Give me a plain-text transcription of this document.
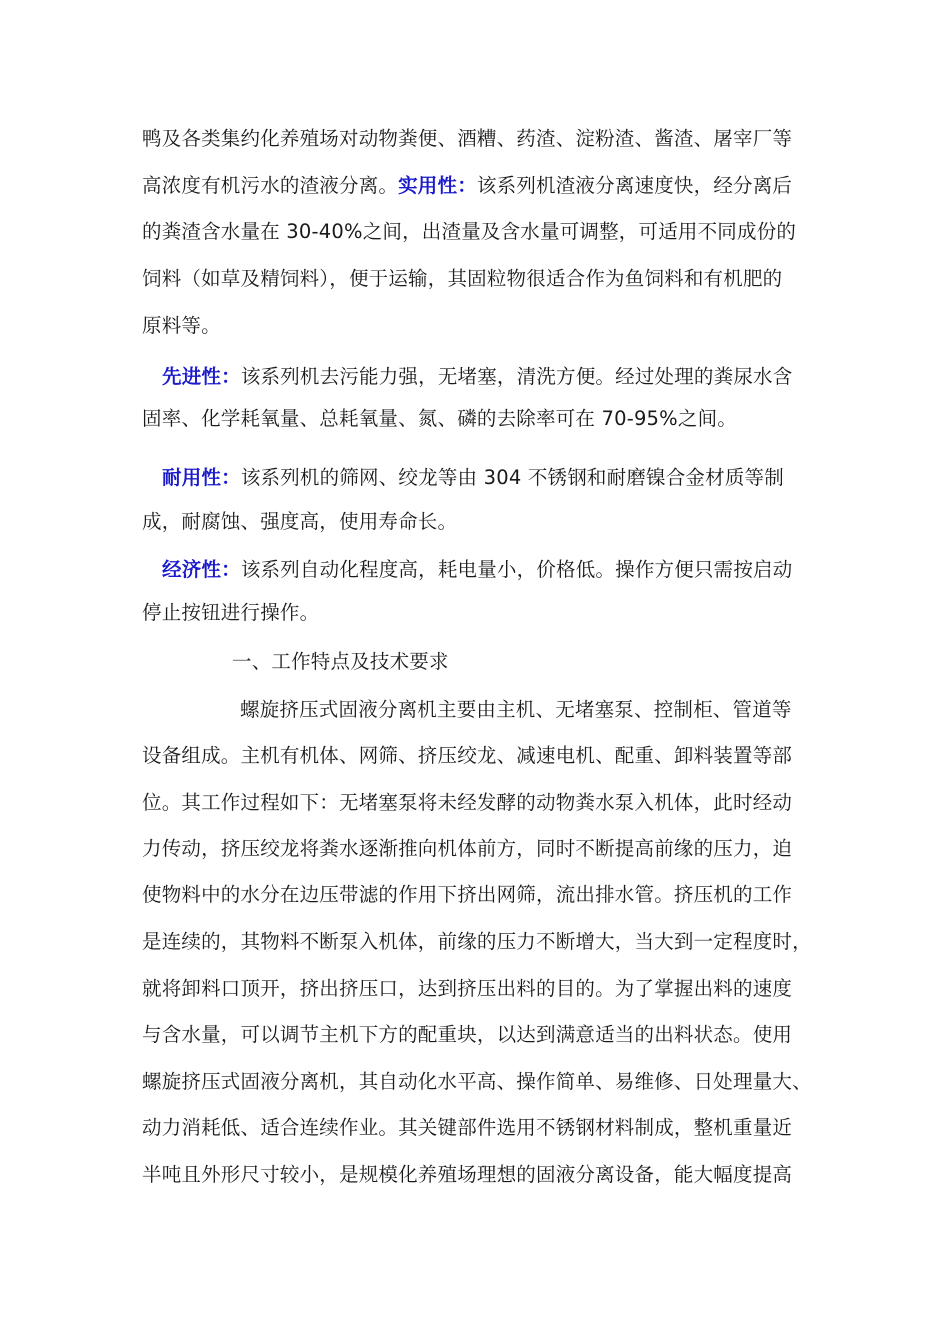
鸭及各类集约化养殖场对动物粪便、酒糟、药渣、淀粉渣、酱渣、屠宰厂等
高浓度有机污水的渣液分离。实用性：该系列机渣液分离速度快，经分离后
的粪渣含水量在 30-40%之间，出渣量及含水量可调整，可适用不同成份的
饲料（如草及精饲料），便于运输，其固粒物很适合作为鱼饲料和有机肥的
原料等。
先进性：该系列机去污能力强，无堵塞，清洗方便。经过处理的粪尿水含
固率、化学耗氧量、总耗氧量、氮、磷的去除率可在 70-95%之间。
耐用性：该系列机的筛网、绞龙等由 304 不锈钢和耐磨镍合金材质等制
成，耐腐蚀、强度高，使用寿命长。
经济性：该系列自动化程度高，耗电量小，价格低。操作方便只需按启动
停止按钮进行操作。
一、工作特点及技术要求
螺旋挤压式固液分离机主要由主机、无堵塞泵、控制柜、管道等
设备组成。主机有机体、网筛、挤压绞龙、减速电机、配重、卸料装置等部
位。其工作过程如下：无堵塞泵将未经发酵的动物粪水泵入机体，此时经动
力传动，挤压绞龙将粪水逐渐推向机体前方，同时不断提高前缘的压力，迫
使物料中的水分在边压带滤的作用下挤出网筛，流出排水管。挤压机的工作
是连续的，其物料不断泵入机体，前缘的压力不断增大，当大到一定程度时，
就将卸料口顶开，挤出挤压口，达到挤压出料的目的。为了掌握出料的速度
与含水量，可以调节主机下方的配重块，以达到满意适当的出料状态。使用
螺旋挤压式固液分离机，其自动化水平高、操作简单、易维修、日处理量大、
动力消耗低、适合连续作业。其关键部件选用不锈钢材料制成，整机重量近
半吨且外形尺寸较小，是规模化养殖场理想的固液分离设备，能大幅度提高
